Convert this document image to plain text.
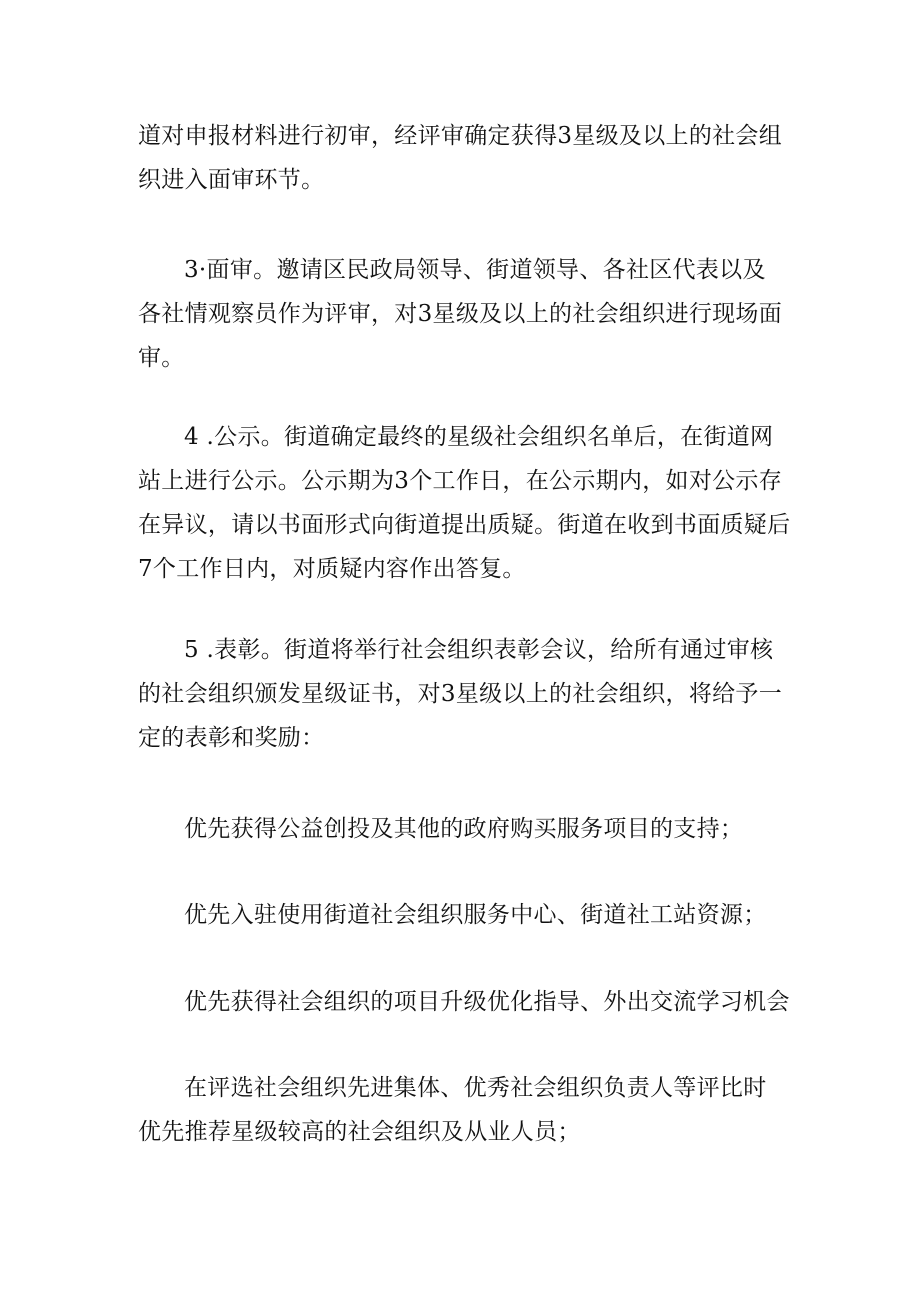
道对申报材料进行初审，经评审确定获得3星级及以上的社会组
织进入面审环节。

3·面审。邀请区民政局领导、街道领导、各社区代表以及
各社情观察员作为评审，对3星级及以上的社会组织进行现场面
审。

4 .公示。街道确定最终的星级社会组织名单后，在街道网
站上进行公示。公示期为3个工作日，在公示期内，如对公示存
在异议，请以书面形式向街道提出质疑。街道在收到书面质疑后
7个工作日内，对质疑内容作出答复。

5 .表彰。街道将举行社会组织表彰会议，给所有通过审核
的社会组织颁发星级证书，对3星级以上的社会组织，将给予一
定的表彰和奖励：

优先获得公益创投及其他的政府购买服务项目的支持；

优先入驻使用街道社会组织服务中心、街道社工站资源；

优先获得社会组织的项目升级优化指导、外出交流学习机会

在评选社会组织先进集体、优秀社会组织负责人等评比时
优先推荐星级较高的社会组织及从业人员；
